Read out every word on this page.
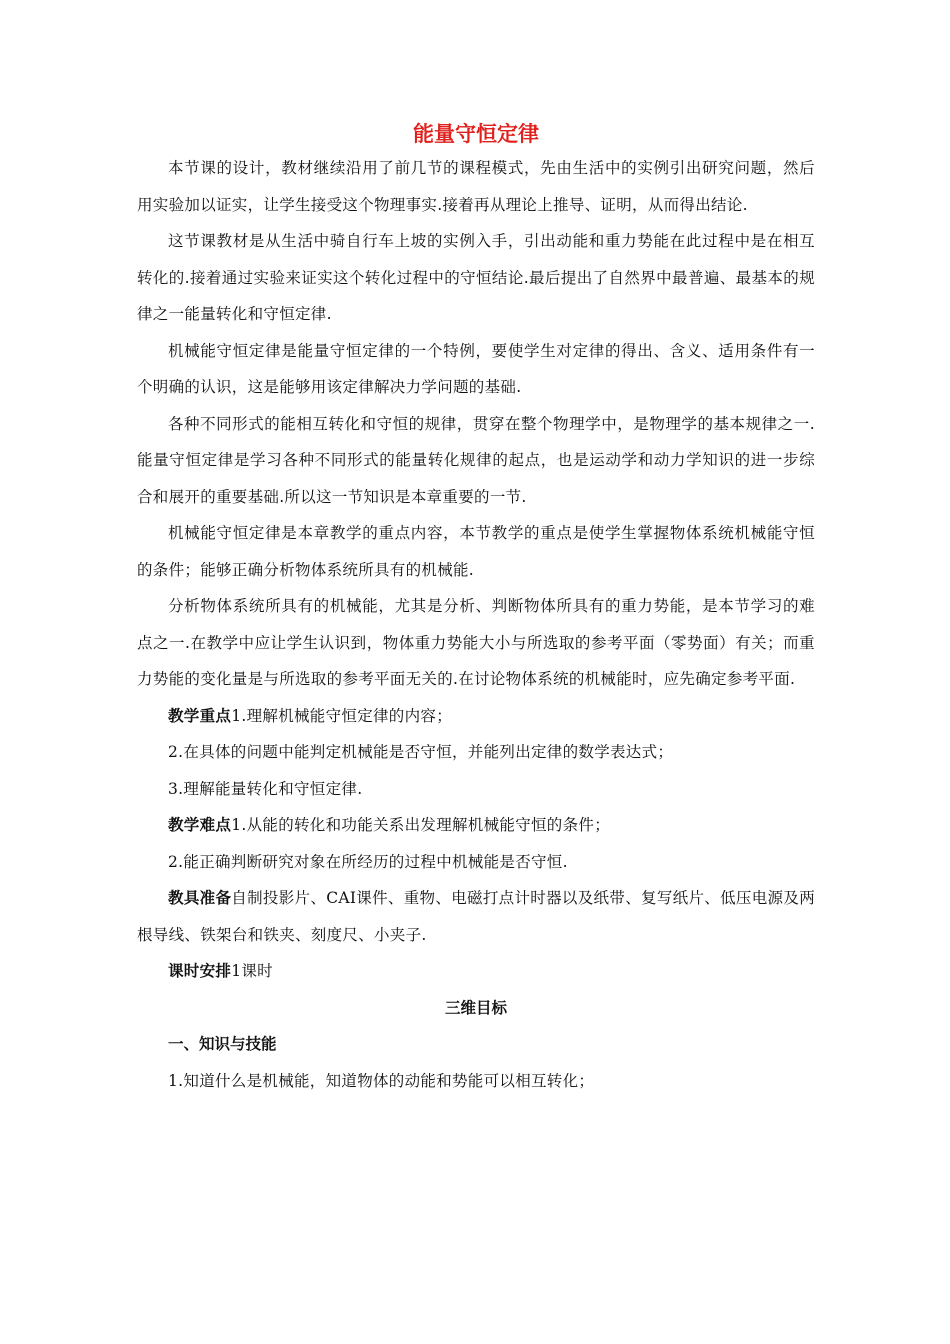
能量守恒定律

本节课的设计，教材继续沿用了前几节的课程模式，先由生活中的实例引出研究问题，然后用实验加以证实，让学生接受这个物理事实.接着再从理论上推导、证明，从而得出结论.

这节课教材是从生活中骑自行车上坡的实例入手，引出动能和重力势能在此过程中是在相互转化的.接着通过实验来证实这个转化过程中的守恒结论.最后提出了自然界中最普遍、最基本的规律之一能量转化和守恒定律.

机械能守恒定律是能量守恒定律的一个特例，要使学生对定律的得出、含义、适用条件有一个明确的认识，这是能够用该定律解决力学问题的基础.

各种不同形式的能相互转化和守恒的规律，贯穿在整个物理学中，是物理学的基本规律之一.能量守恒定律是学习各种不同形式的能量转化规律的起点，也是运动学和动力学知识的进一步综合和展开的重要基础.所以这一节知识是本章重要的一节.

机械能守恒定律是本章教学的重点内容，本节教学的重点是使学生掌握物体系统机械能守恒的条件；能够正确分析物体系统所具有的机械能.

分析物体系统所具有的机械能，尤其是分析、判断物体所具有的重力势能，是本节学习的难点之一.在教学中应让学生认识到，物体重力势能大小与所选取的参考平面（零势面）有关；而重力势能的变化量是与所选取的参考平面无关的.在讨论物体系统的机械能时，应先确定参考平面.

教学重点1.理解机械能守恒定律的内容；

2.在具体的问题中能判定机械能是否守恒，并能列出定律的数学表达式；

3.理解能量转化和守恒定律.

教学难点1.从能的转化和功能关系出发理解机械能守恒的条件；

2.能正确判断研究对象在所经历的过程中机械能是否守恒.

教具准备自制投影片、CAI课件、重物、电磁打点计时器以及纸带、复写纸片、低压电源及两根导线、铁架台和铁夹、刻度尺、小夹子.

课时安排1课时

三维目标

一、知识与技能

1.知道什么是机械能，知道物体的动能和势能可以相互转化；
